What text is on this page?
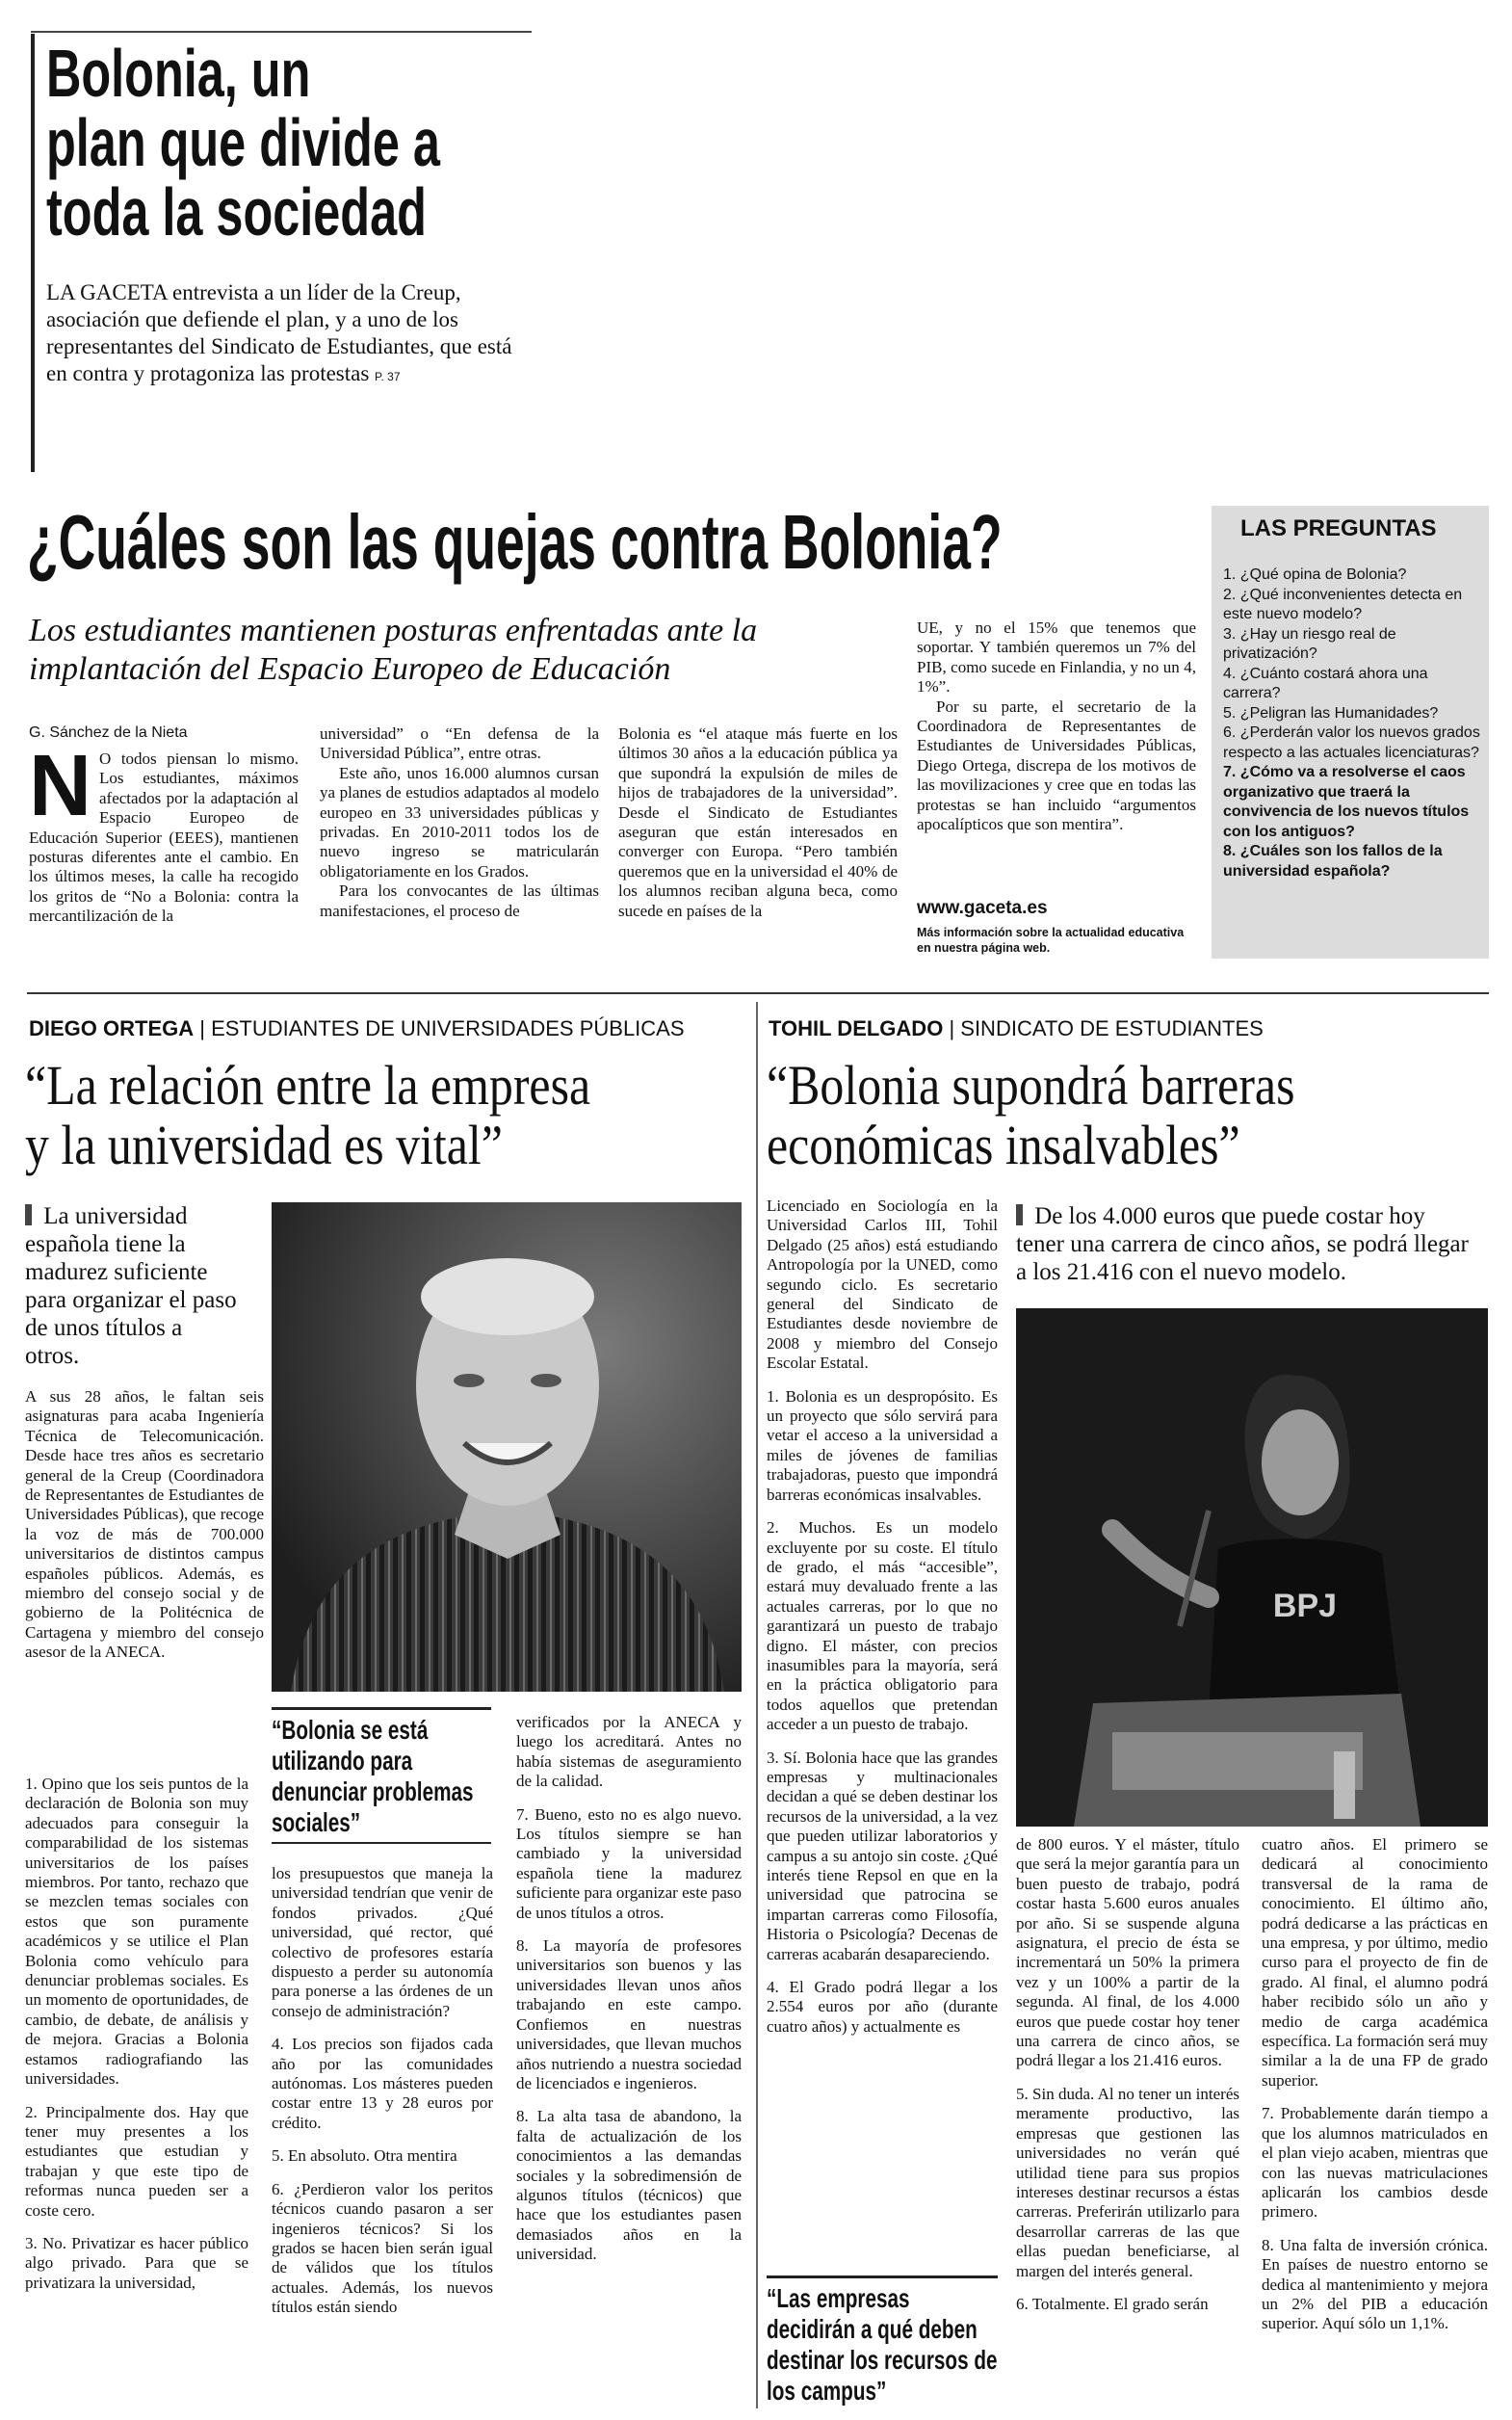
Bolonia, un
plan que divide a
toda la sociedad
LA GACETA entrevista a un líder de la Creup, asociación que defiende el plan, y a uno de los representantes del Sindicato de Estudiantes, que está en contra y protagoniza las protestas P. 37
¿Cuáles son las quejas contra Bolonia?
Los estudiantes mantienen posturas enfrentadas ante la implantación del Espacio Europeo de Educación
G. Sánchez de la Nieta
N O todos piensan lo mismo. Los estudiantes, máximos afectados por la adaptación al Espacio Europeo de Educación Superior (EEES), mantienen posturas diferentes ante el cambio. En los últimos meses, la calle ha recogido los gritos de “No a Bolonia: contra la mercantilización de la

universidad” o “En defensa de la Universidad Pública”, entre otras.

Este año, unos 16.000 alumnos cursan ya planes de estudios adaptados al modelo europeo en 33 universidades públicas y privadas. En 2010-2011 todos los de nuevo ingreso se matricularán obligatoriamente en los Grados.

Para los convocantes de las últimas manifestaciones, el proceso de

Bolonia es “el ataque más fuerte en los últimos 30 años a la educación pública ya que supondrá la expulsión de miles de hijos de trabajadores de la universidad”. Desde el Sindicato de Estudiantes aseguran que están interesados en converger con Europa. “Pero también queremos que en la universidad el 40% de los alumnos reciban alguna beca, como sucede en países de la

UE, y no el 15% que tenemos que soportar. Y también queremos un 7% del PIB, como sucede en Finlandia, y no un 4, 1%”.

Por su parte, el secretario de la Coordinadora de Representantes de Estudiantes de Universidades Públicas, Diego Ortega, discrepa de los motivos de las movilizaciones y cree que en todas las protestas se han incluido “argumentos apocalípticos que son mentira”.

www.gaceta.es
Más información sobre la actualidad educativa en nuestra página web.
LAS PREGUNTAS
1. ¿Qué opina de Bolonia?
2. ¿Qué inconvenientes detecta en este nuevo modelo?
3. ¿Hay un riesgo real de privatización?
4. ¿Cuánto costará ahora una carrera?
5. ¿Peligran las Humanidades?
6. ¿Perderán valor los nuevos grados respecto a las actuales licenciaturas?
7. ¿Cómo va a resolverse el caos organizativo que traerá la convivencia de los nuevos títulos con los antiguos?
8. ¿Cuáles son los fallos de la universidad española?
DIEGO ORTEGA | ESTUDIANTES DE UNIVERSIDADES PÚBLICAS
“La relación entre la empresa
y la universidad es vital”
La universidad española tiene la madurez suficiente para organizar el paso de unos títulos a otros.

A sus 28 años, le faltan seis asignaturas para acaba Ingeniería Técnica de Telecomunicación. Desde hace tres años es secretario general de la Creup (Coordinadora de Representantes de Estudiantes de Universidades Públicas), que recoge la voz de más de 700.000 universitarios de distintos campus españoles públicos. Además, es miembro del consejo social y de gobierno de la Politécnica de Cartagena y miembro del consejo asesor de la ANECA.

“Bolonia se está utilizando para denunciar problemas sociales”

1. Opino que los seis puntos de la declaración de Bolonia son muy adecuados para conseguir la comparabilidad de los sistemas universitarios de los países miembros. Por tanto, rechazo que se mezclen temas sociales con estos que son puramente académicos y se utilice el Plan Bolonia como vehículo para denunciar problemas sociales. Es un momento de oportunidades, de cambio, de debate, de análisis y de mejora. Gracias a Bolonia estamos radiografiando las universidades.

2. Principalmente dos. Hay que tener muy presentes a los estudiantes que estudian y trabajan y que este tipo de reformas nunca pueden ser a coste cero.

3. No. Privatizar es hacer público algo privado. Para que se privatizara la universidad,

los presupuestos que maneja la universidad tendrían que venir de fondos privados. ¿Qué universidad, qué rector, qué colectivo de profesores estaría dispuesto a perder su autonomía para ponerse a las órdenes de un consejo de administración?

4. Los precios son fijados cada año por las comunidades autónomas. Los másteres pueden costar entre 13 y 28 euros por crédito.

5. En absoluto. Otra mentira

6. ¿Perdieron valor los peritos técnicos cuando pasaron a ser ingenieros técnicos? Si los grados se hacen bien serán igual de válidos que los títulos actuales. Además, los nuevos títulos están siendo

verificados por la ANECA y luego los acreditará. Antes no había sistemas de aseguramiento de la calidad.

7. Bueno, esto no es algo nuevo. Los títulos siempre se han cambiado y la universidad española tiene la madurez suficiente para organizar este paso de unos títulos a otros.

8. La mayoría de profesores universitarios son buenos y las universidades llevan unos años trabajando en este campo. Confiemos en nuestras universidades, que llevan muchos años nutriendo a nuestra sociedad de licenciados e ingenieros.

8. La alta tasa de abandono, la falta de actualización de los conocimientos a las demandas sociales y la sobredimensión de algunos títulos (técnicos) que hace que los estudiantes pasen demasiados años en la universidad.

TOHIL DELGADO | SINDICATO DE ESTUDIANTES
“Bolonia supondrá barreras
económicas insalvables”
De los 4.000 euros que puede costar hoy tener una carrera de cinco años, se podrá llegar a los 21.416 con el nuevo modelo.
BPJ

Licenciado en Sociología en la Universidad Carlos III, Tohil Delgado (25 años) está estudiando Antropología por la UNED, como segundo ciclo. Es secretario general del Sindicato de Estudiantes desde noviembre de 2008 y miembro del Consejo Escolar Estatal.

1. Bolonia es un despropósito. Es un proyecto que sólo servirá para vetar el acceso a la universidad a miles de jóvenes de familias trabajadoras, puesto que impondrá barreras económicas insalvables.

2. Muchos. Es un modelo excluyente por su coste. El título de grado, el más “accesible”, estará muy devaluado frente a las actuales carreras, por lo que no garantizará un puesto de trabajo digno. El máster, con precios inasumibles para la mayoría, será en la práctica obligatorio para todos aquellos que pretendan acceder a un puesto de trabajo.

3. Sí. Bolonia hace que las grandes empresas y multinacionales decidan a qué se deben destinar los recursos de la universidad, a la vez que pueden utilizar laboratorios y campus a su antojo sin coste. ¿Qué interés tiene Repsol en que en la universidad que patrocina se impartan carreras como Filosofía, Historia o Psicología? Decenas de carreras acabarán desapareciendo.

4. El Grado podrá llegar a los 2.554 euros por año (durante cuatro años) y actualmente es

“Las empresas decidirán a qué deben destinar los recursos de los campus”

de 800 euros. Y el máster, título que será la mejor garantía para un buen puesto de trabajo, podrá costar hasta 5.600 euros anuales por año. Si se suspende alguna asignatura, el precio de ésta se incrementará un 50% la primera vez y un 100% a partir de la segunda. Al final, de los 4.000 euros que puede costar hoy tener una carrera de cinco años, se podrá llegar a los 21.416 euros.

5. Sin duda. Al no tener un interés meramente productivo, las empresas que gestionen las universidades no verán qué utilidad tiene para sus propios intereses destinar recursos a éstas carreras. Preferirán utilizarlo para desarrollar carreras de las que ellas puedan beneficiarse, al margen del interés general.

6. Totalmente. El grado serán

cuatro años. El primero se dedicará al conocimiento transversal de la rama de conocimiento. El último año, podrá dedicarse a las prácticas en una empresa, y por último, medio curso para el proyecto de fin de grado. Al final, el alumno podrá haber recibido sólo un año y medio de carga académica específica. La formación será muy similar a la de una FP de grado superior.

7. Probablemente darán tiempo a que los alumnos matriculados en el plan viejo acaben, mientras que con las nuevas matriculaciones aplicarán los cambios desde primero.

8. Una falta de inversión crónica. En países de nuestro entorno se dedica al mantenimiento y mejora un 2% del PIB a educación superior. Aquí sólo un 1,1%.
